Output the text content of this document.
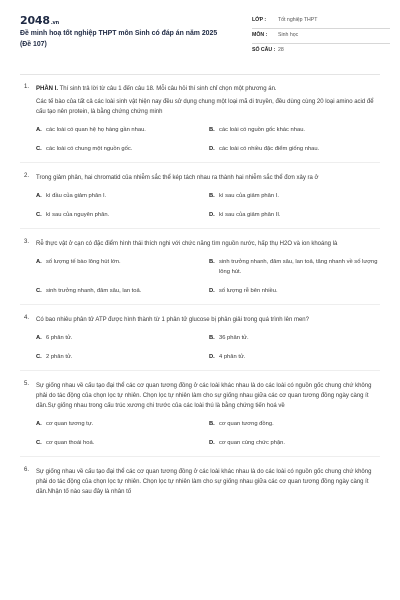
2048.vn
Đề minh hoạ tốt nghiệp THPT môn Sinh có đáp án năm 2025 (Đề 107)
LỚP : Tốt nghiệp THPT
MÔN : Sinh học
SỐ CÂU : 28
1. PHẦN I. Thí sinh trả lời từ câu 1 đến câu 18. Mỗi câu hỏi thí sinh chỉ chọn một phương án.
Các tế bào của tất cả các loài sinh vật hiện nay đều sử dụng chung một loại mã di truyền, đều dùng cùng 20 loại amino acid để cấu tạo nên protein, là bằng chứng chứng minh
A. các loài có quan hệ họ hàng gần nhau.	B. các loài có nguồn gốc khác nhau.
C. các loài có chung một nguồn gốc.	D. các loài có nhiều đặc điểm giống nhau.
2. Trong giảm phân, hai chromatid của nhiễm sắc thể kép tách nhau ra thành hai nhiễm sắc thể đơn xảy ra ở
A. kì đầu của giảm phân I.	B. kì sau của giảm phân I.
C. kì sau của nguyên phân.	D. kì sau của giảm phân II.
3. Rễ thực vật ở cạn có đặc điểm hình thái thích nghi với chức năng tìm nguồn nước, hấp thụ H2O và ion khoáng là
A. số lượng tế bào lông hút lớn.	B. sinh trưởng nhanh, đâm sâu, lan toả, tăng nhanh về số lượng lông hút.
C. sinh trưởng nhanh, đâm sâu, lan toả.	D. số lượng rễ bên nhiều.
4. Có bao nhiêu phân tử ATP được hình thành từ 1 phân tử glucose bị phân giải trong quá trình lên men?
A. 6 phân tử.	B. 36 phân tử.
C. 2 phân tử.	D. 4 phân tử.
5. Sự giống nhau về cấu tạo đại thể các cơ quan tương đồng ở các loài khác nhau là do các loài có nguồn gốc chung chứ không phải do tác động của chọn lọc tự nhiên. Chọn lọc tự nhiên làm cho sự giống nhau giữa các cơ quan tương đồng ngày càng ít dần.Sự giống nhau trong cấu trúc xương chi trước của các loài thú là bằng chứng tiến hoá về
A. cơ quan tương tự.	B. cơ quan tương đồng.
C. cơ quan thoái hoá.	D. cơ quan cùng chức phận.
6. Sự giống nhau về cấu tạo đại thể các cơ quan tương đồng ở các loài khác nhau là do các loài có nguồn gốc chung chứ không phải do tác động của chọn lọc tự nhiên. Chọn lọc tự nhiên làm cho sự giống nhau giữa các cơ quan tương đồng ngày càng ít dần.Nhận tố nào sau đây là nhân tố
